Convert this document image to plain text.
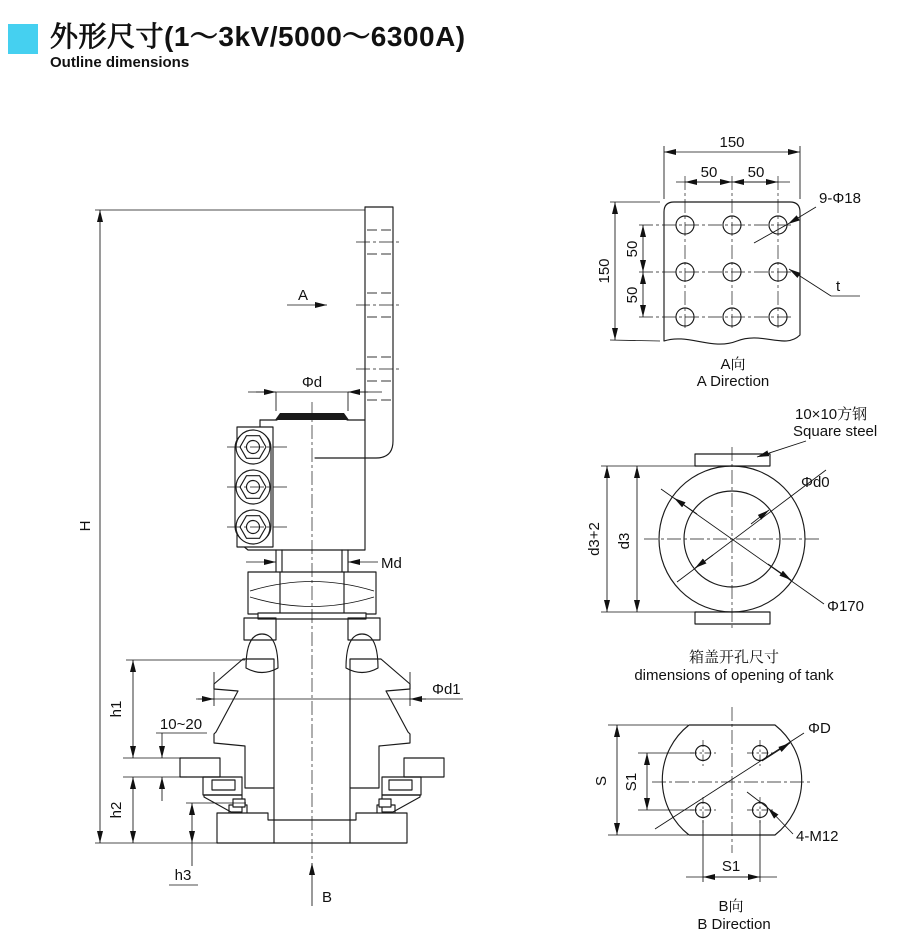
外形尺寸(1～3kV/5000～6300A)
Outline dimensions
H
A
Φd
Md
Φd1
h1
10~20
h2
h3
B
150
50 50
150
50
50
9-Φ18
t
A向
A Direction
Φ170
Φd0
d3+2 d3
10×10方钢
Square steel
箱盖开孔尺寸
dimensions of opening of tank
ΦD
4-M12
S S1
S1
B向
B Direction
